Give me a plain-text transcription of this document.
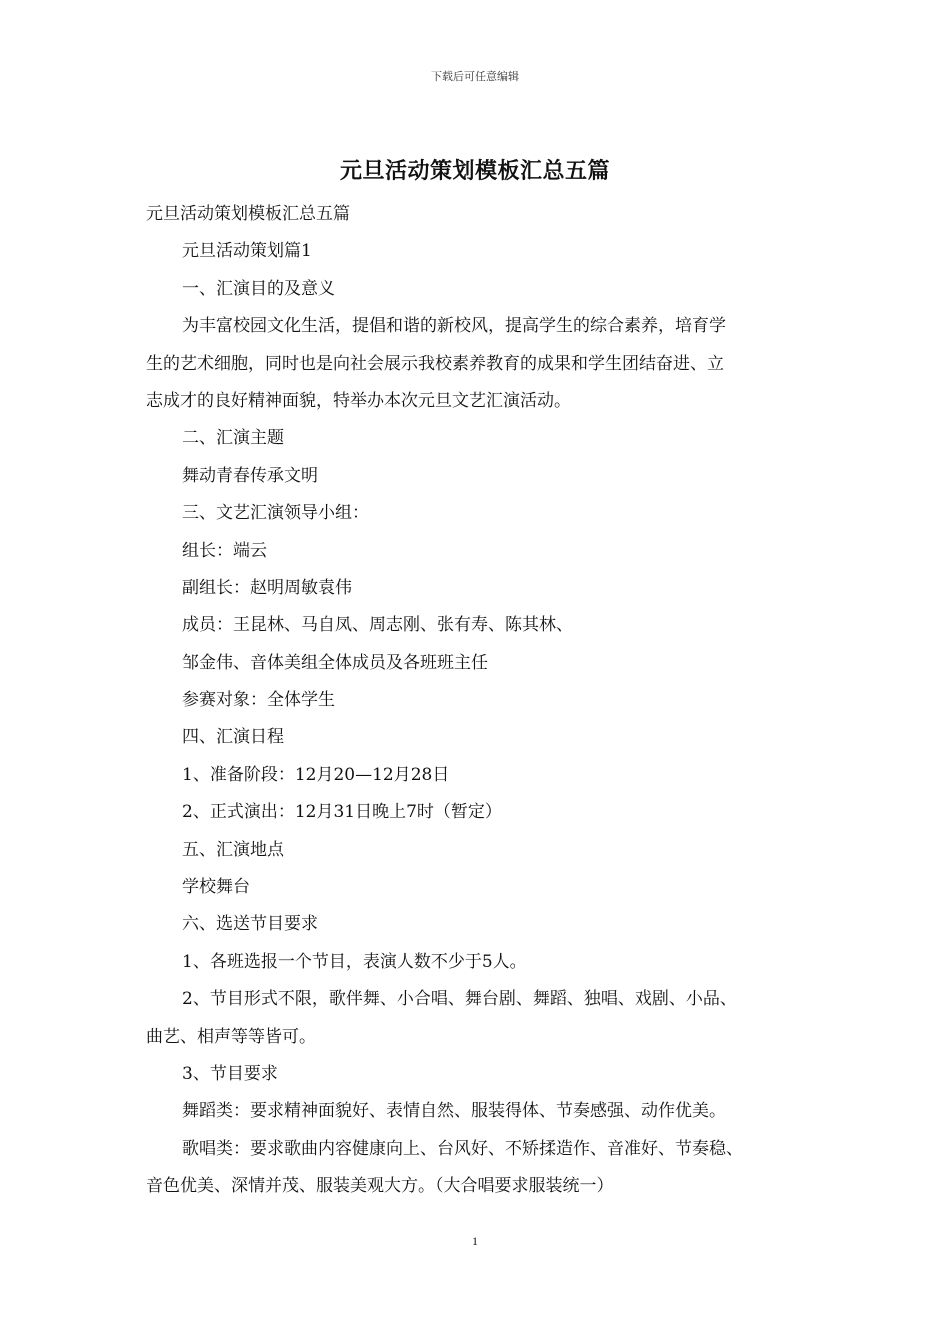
下载后可任意编辑
元旦活动策划模板汇总五篇
元旦活动策划模板汇总五篇
元旦活动策划篇1
一、汇演目的及意义
为丰富校园文化生活，提倡和谐的新校风，提高学生的综合素养，培育学
生的艺术细胞，同时也是向社会展示我校素养教育的成果和学生团结奋进、立
志成才的良好精神面貌，特举办本次元旦文艺汇演活动。
二、汇演主题
舞动青春传承文明
三、文艺汇演领导小组：
组长：端云
副组长：赵明周敏袁伟
成员：王昆林、马自凤、周志刚、张有寿、陈其林、
邹金伟、音体美组全体成员及各班班主任
参赛对象：全体学生
四、汇演日程
1、准备阶段：12月20—12月28日
2、正式演出：12月31日晚上7时（暂定）
五、汇演地点
学校舞台
六、选送节目要求
1、各班选报一个节目，表演人数不少于5人。
2、节目形式不限，歌伴舞、小合唱、舞台剧、舞蹈、独唱、戏剧、小品、
曲艺、相声等等皆可。
3、节目要求
舞蹈类：要求精神面貌好、表情自然、服装得体、节奏感强、动作优美。
歌唱类：要求歌曲内容健康向上、台风好、不矫揉造作、音准好、节奏稳、
音色优美、深情并茂、服装美观大方。（大合唱要求服装统一）
1
